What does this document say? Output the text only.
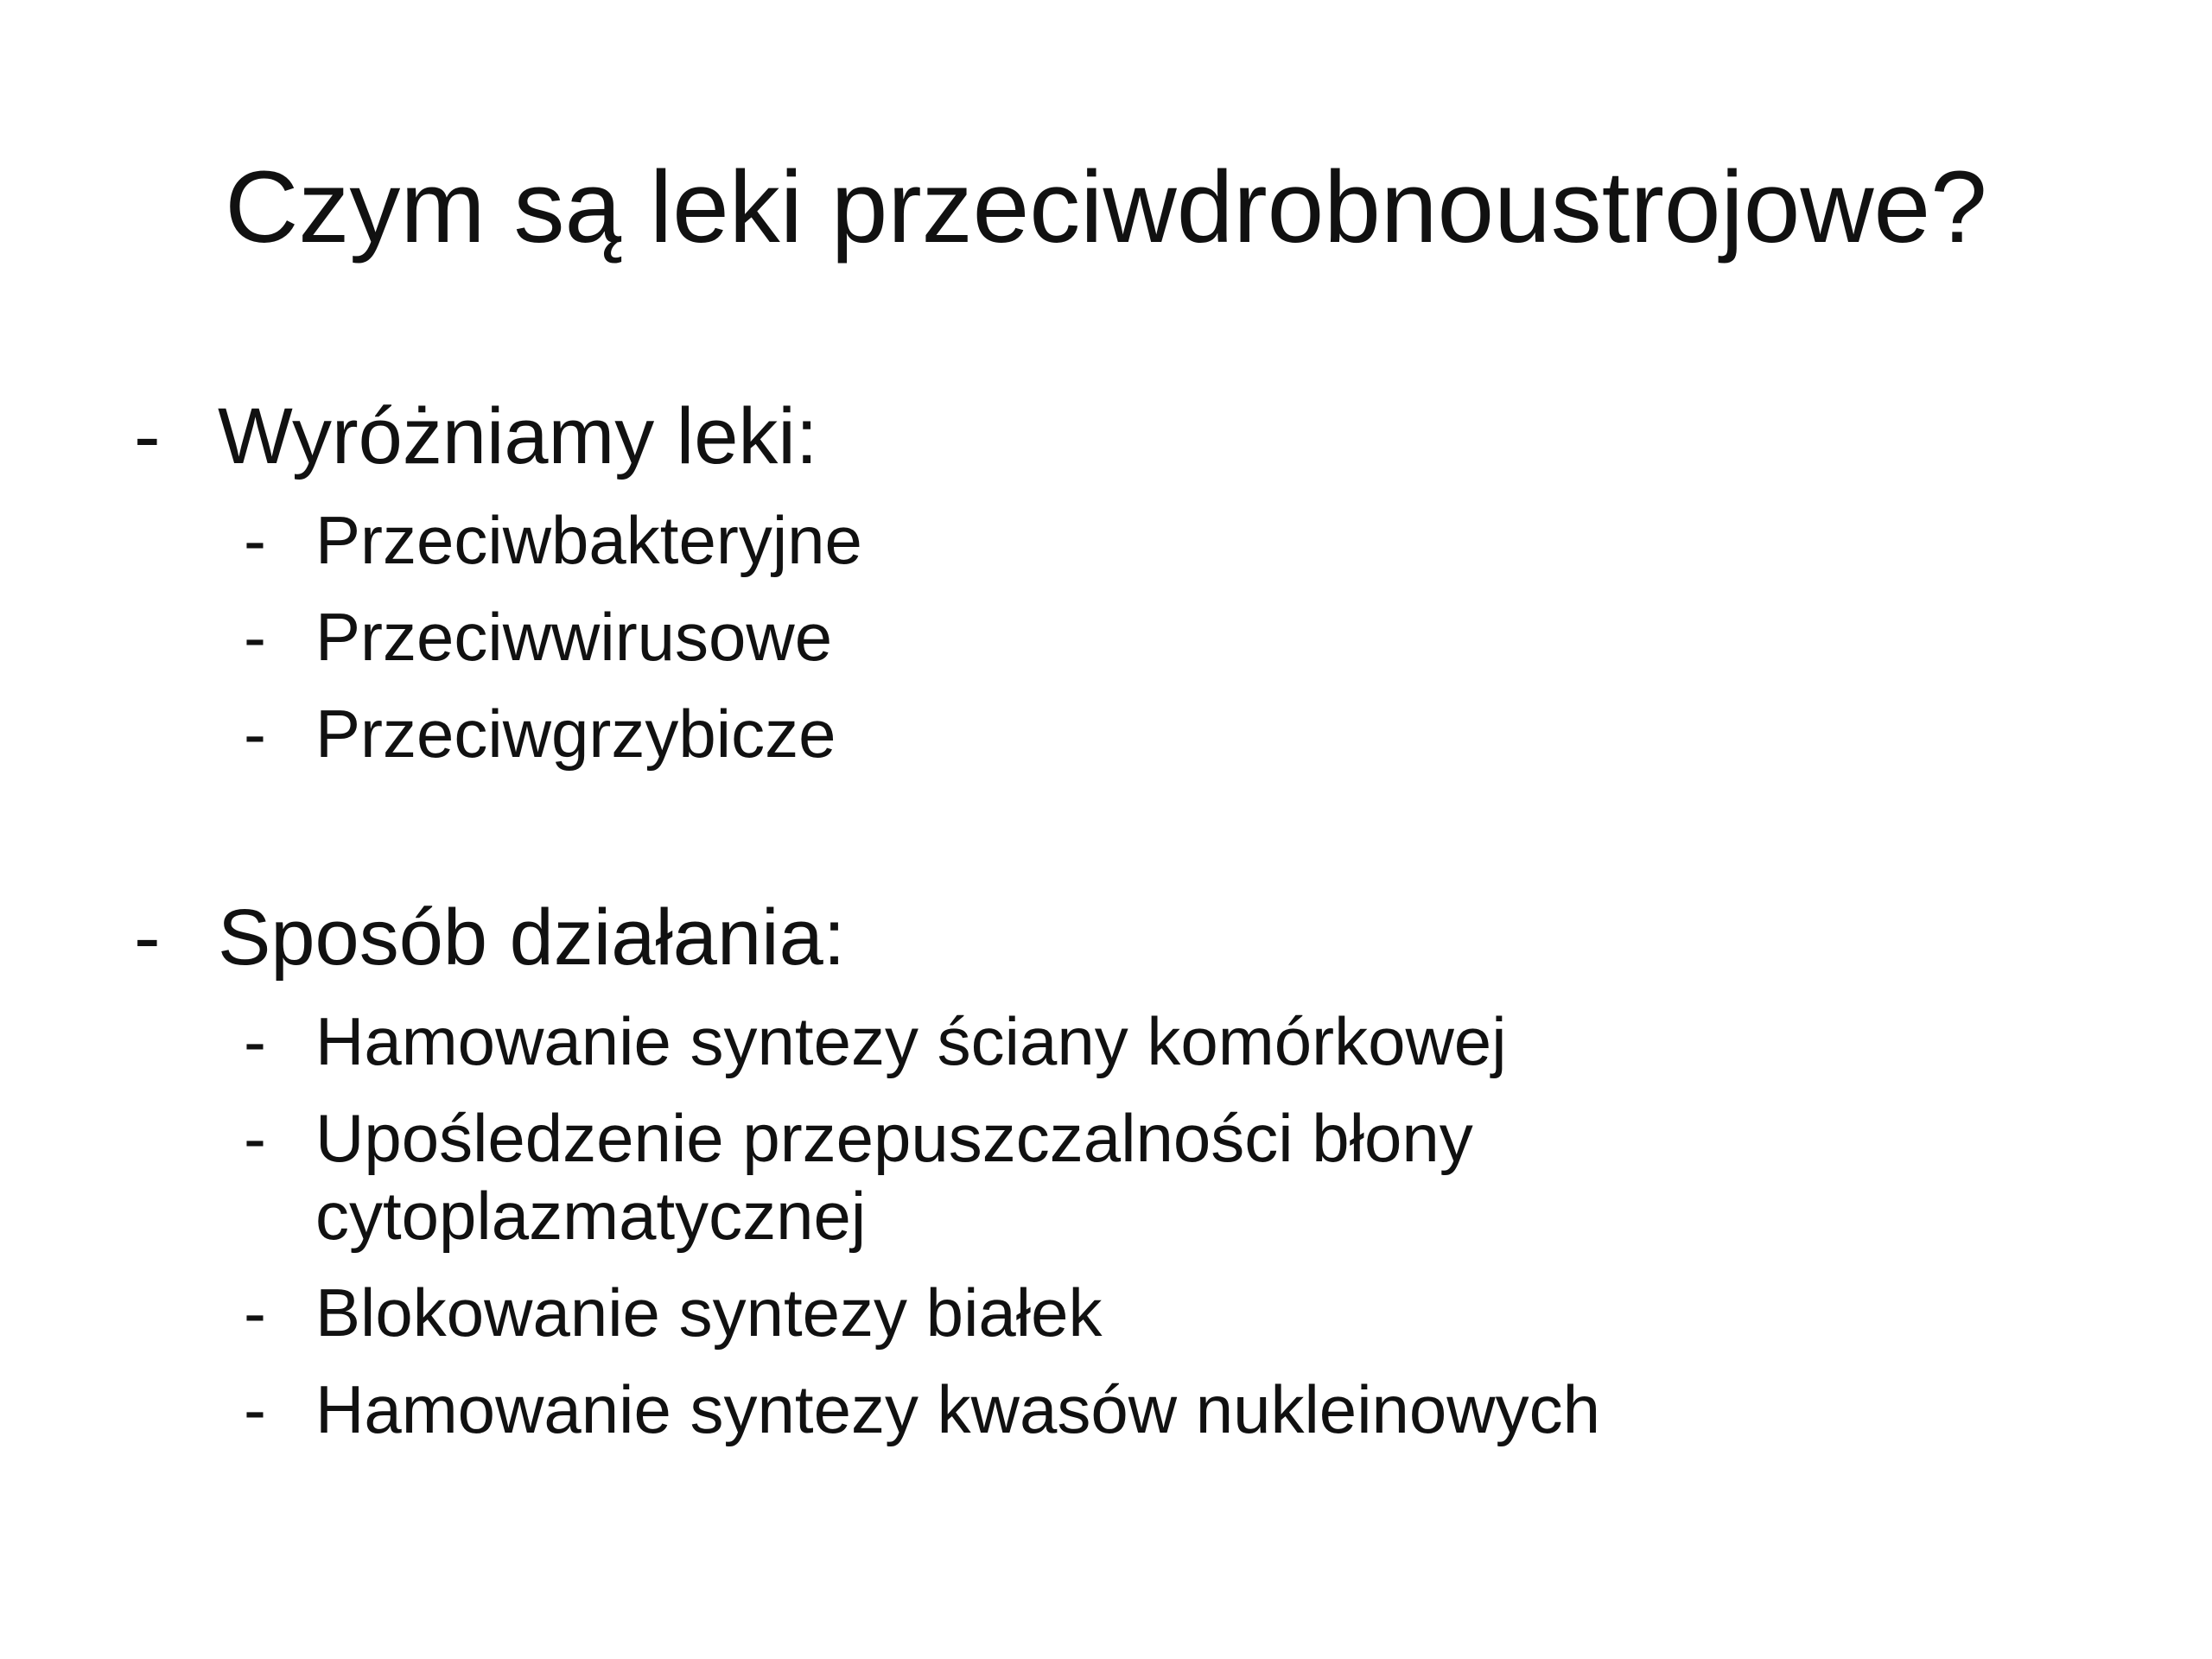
Czym są leki przeciwdrobnoustrojowe?
- Wyróżniamy leki:
- Przeciwbakteryjne
- Przeciwwirusowe
- Przeciwgrzybicze
- Sposób działania:
- Hamowanie syntezy ściany komórkowej
- Upośledzenie przepuszczalności błony
cytoplazmatycznej
- Blokowanie syntezy białek
- Hamowanie syntezy kwasów nukleinowych
